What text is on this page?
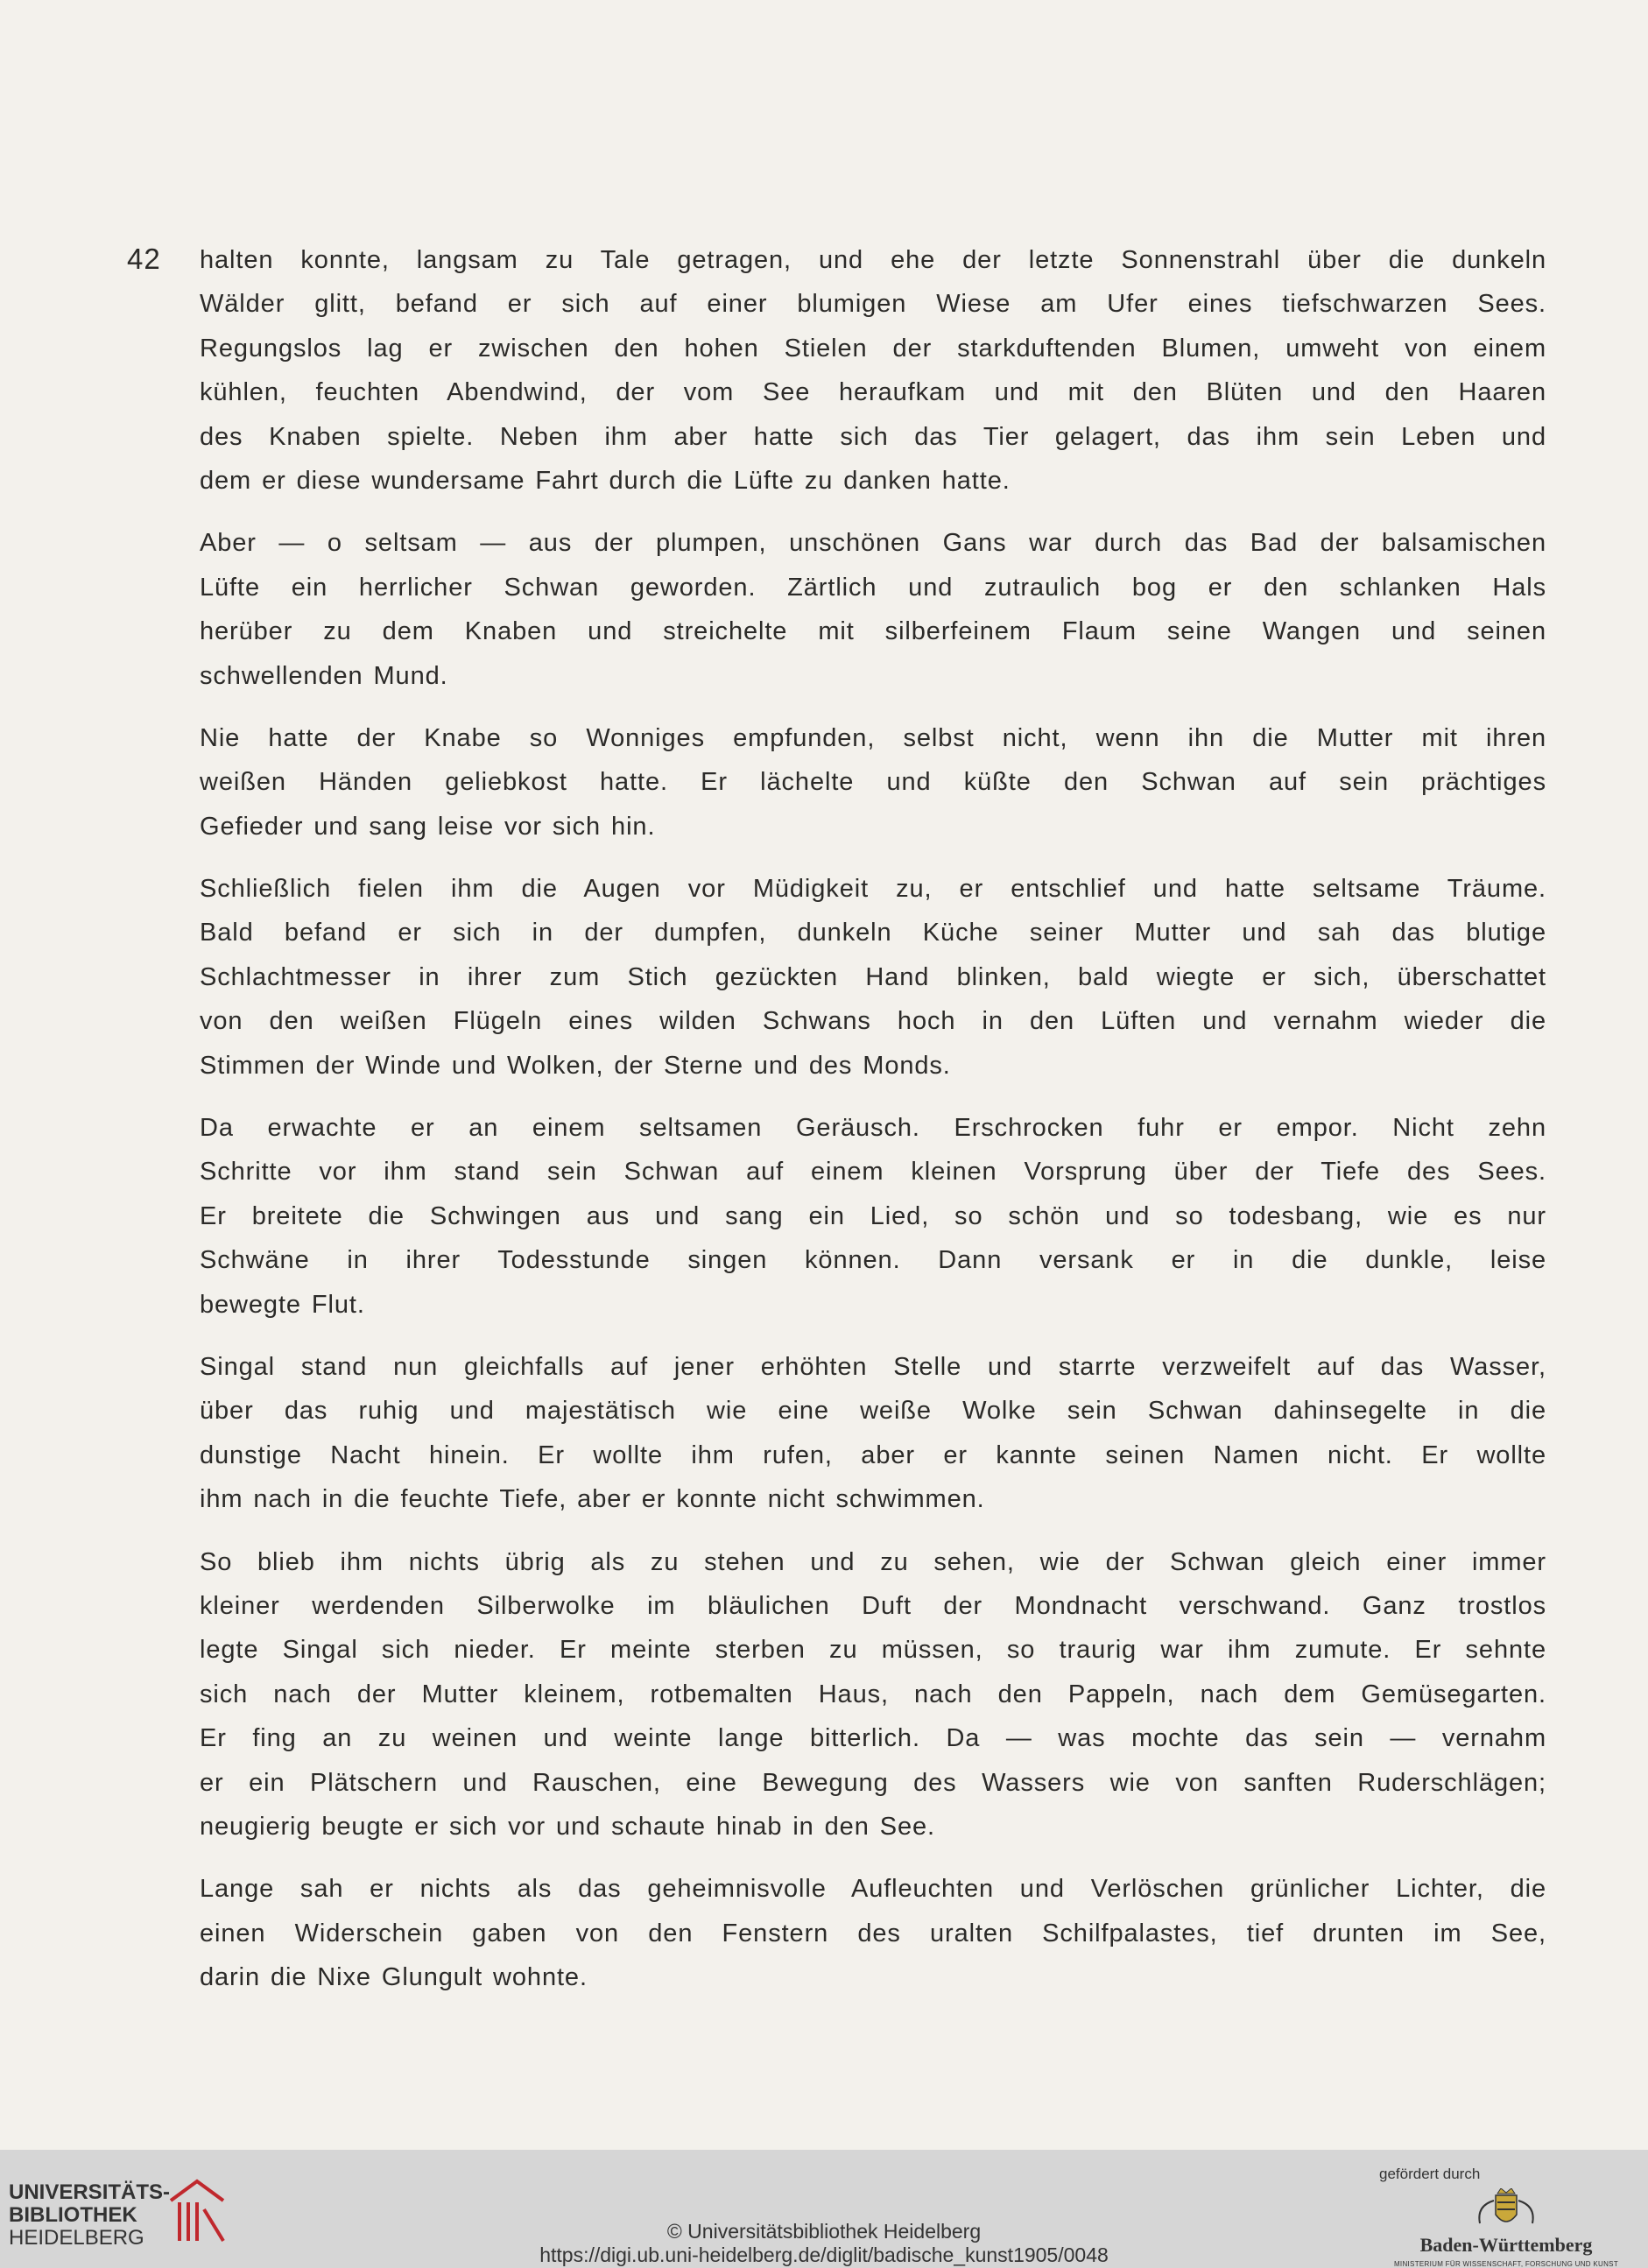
42 halten konnte, langsam zu Tale getragen, und ehe der letzte Sonnenstrahl über die dunkeln
Wälder glitt, befand er sich auf einer blumigen Wiese am Ufer eines tiefschwarzen Sees.
Regungslos lag er zwischen den hohen Stielen der starkduftenden Blumen, umweht von einem
kühlen, feuchten Abendwind, der vom See heraufkam und mit den Blüten und den Haaren
des Knaben spielte. Neben ihm aber hatte sich das Tier gelagert, das ihm sein Leben und
dem er diese wundersame Fahrt durch die Lüfte zu danken hatte.
Aber — o seltsam — aus der plumpen, unschönen Gans war durch das Bad der balsamischen
Lüfte ein herrlicher Schwan geworden. Zärtlich und zutraulich bog er den schlanken Hals
herüber zu dem Knaben und streichelte mit silberfeinem Flaum seine Wangen und seinen
schwellenden Mund.
Nie hatte der Knabe so Wonniges empfunden, selbst nicht, wenn ihn die Mutter mit ihren
weißen Händen geliebkost hatte. Er lächelte und küßte den Schwan auf sein prächtiges
Gefieder und sang leise vor sich hin.
Schließlich fielen ihm die Augen vor Müdigkeit zu, er entschlief und hatte seltsame Träume.
Bald befand er sich in der dumpfen, dunkeln Küche seiner Mutter und sah das blutige
Schlachtmesser in ihrer zum Stich gezückten Hand blinken, bald wiegte er sich, überschattet
von den weißen Flügeln eines wilden Schwans hoch in den Lüften und vernahm wieder die
Stimmen der Winde und Wolken, der Sterne und des Monds.
Da erwachte er an einem seltsamen Geräusch. Erschrocken fuhr er empor. Nicht zehn
Schritte vor ihm stand sein Schwan auf einem kleinen Vorsprung über der Tiefe des Sees.
Er breitete die Schwingen aus und sang ein Lied, so schön und so todesbang, wie es nur
Schwäne in ihrer Todesstunde singen können. Dann versank er in die dunkle, leise
bewegte Flut.
Singal stand nun gleichfalls auf jener erhöhten Stelle und starrte verzweifelt auf das Wasser,
über das ruhig und majestätisch wie eine weiße Wolke sein Schwan dahinsegelte in die
dunstige Nacht hinein. Er wollte ihm rufen, aber er kannte seinen Namen nicht. Er wollte
ihm nach in die feuchte Tiefe, aber er konnte nicht schwimmen.
So blieb ihm nichts übrig als zu stehen und zu sehen, wie der Schwan gleich einer immer
kleiner werdenden Silberwolke im bläulichen Duft der Mondnacht verschwand. Ganz trostlos
legte Singal sich nieder. Er meinte sterben zu müssen, so traurig war ihm zumute. Er sehnte
sich nach der Mutter kleinem, rotbemalten Haus, nach den Pappeln, nach dem Gemüsegarten.
Er fing an zu weinen und weinte lange bitterlich. Da — was mochte das sein — vernahm
er ein Plätschern und Rauschen, eine Bewegung des Wassers wie von sanften Ruderschlägen;
neugierig beugte er sich vor und schaute hinab in den See.
Lange sah er nichts als das geheimnisvolle Aufleuchten und Verlöschen grünlicher Lichter, die
einen Widerschein gaben von den Fenstern des uralten Schilfpalastes, tief drunten im See,
darin die Nixe Glungult wohnte.
UNIVERSITÄTS-
BIBLIOTHEK
HEIDELBERG	© Universitätsbibliothek Heidelberg
https://digi.ub.uni-heidelberg.de/diglit/badische_kunst1905/0048
gefördert durch
Baden-Württemberg
MINISTERIUM FÜR WISSENSCHAFT, FORSCHUNG UND KUNST
